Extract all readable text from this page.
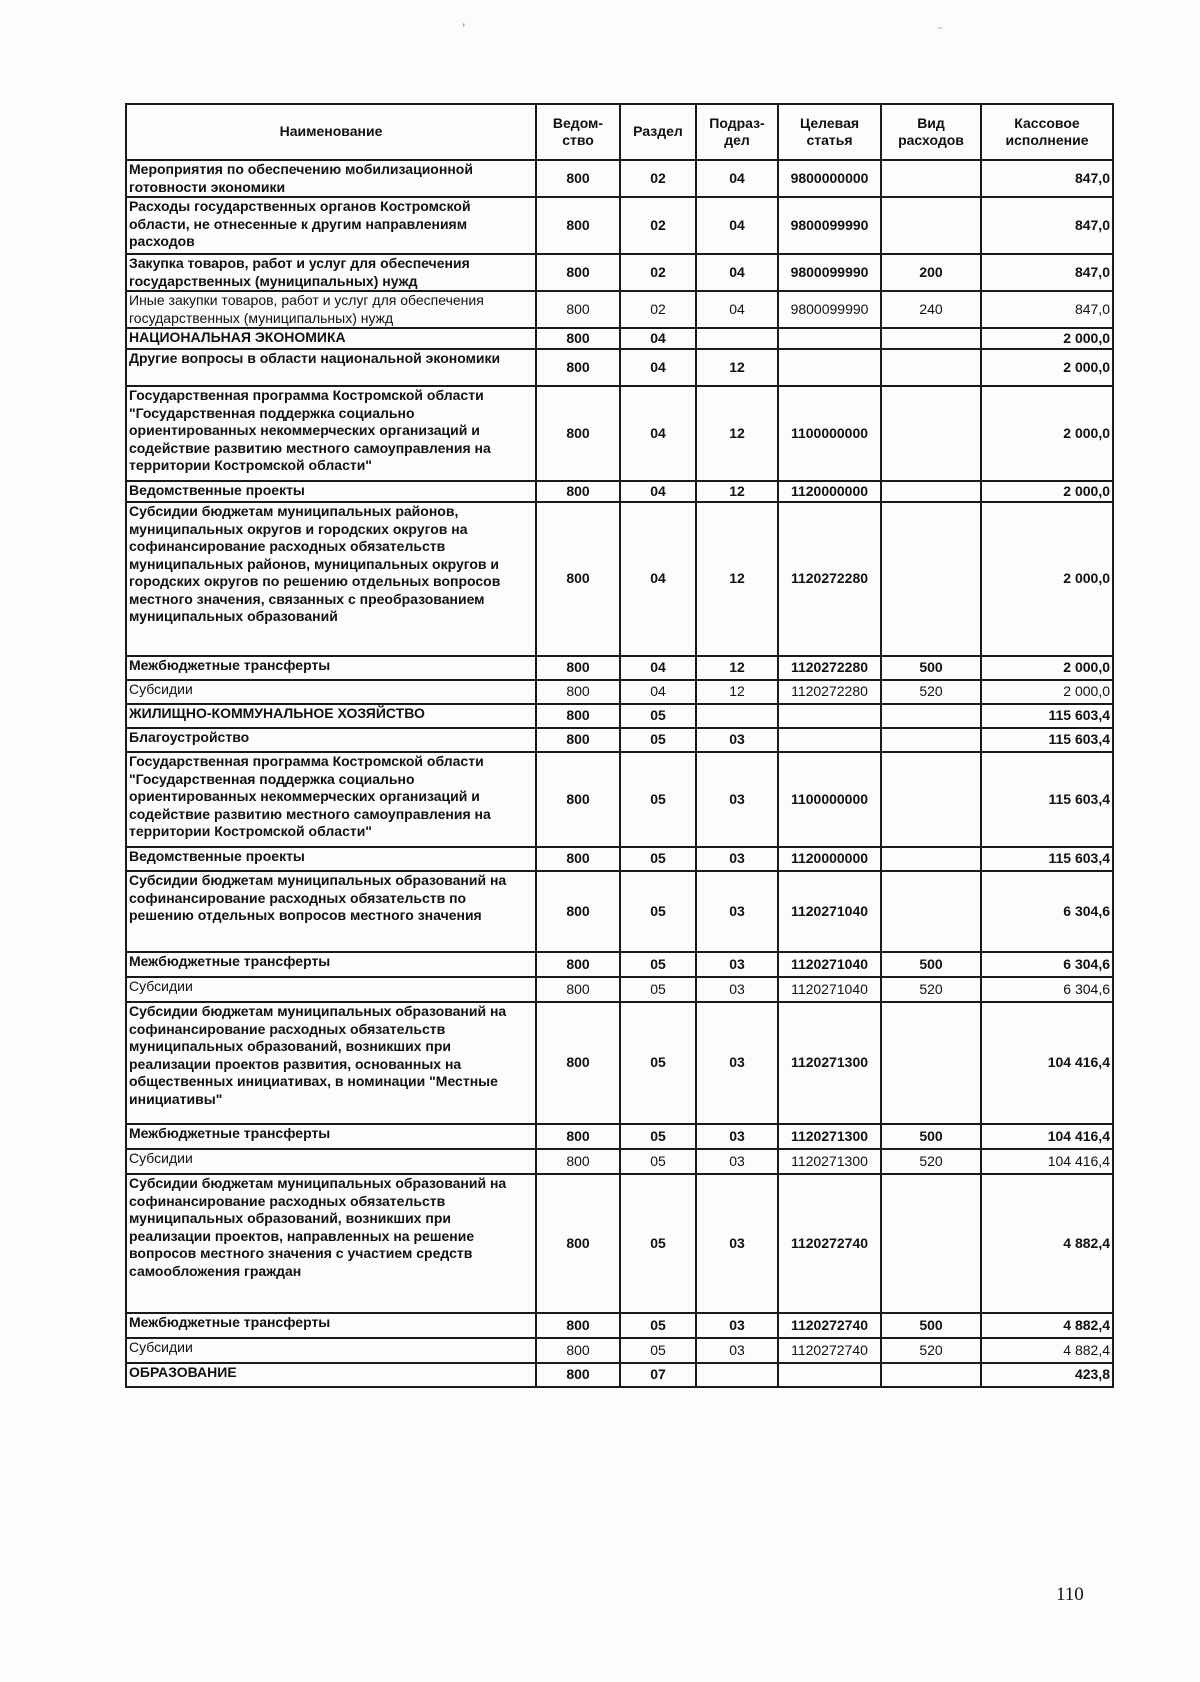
ʼ	⁻
Наименование	Ведом-ство	Раздел	Подраз-дел	Целевая статья	Вид расходов	Кассовое исполнение
Мероприятия по обеспечению мобилизационной готовности экономики	800	02	04	9800000000		847,0
Расходы государственных органов Костромской области, не отнесенные к другим направлениям расходов	800	02	04	9800099990		847,0
Закупка товаров, работ и услуг для обеспечения государственных (муниципальных) нужд	800	02	04	9800099990	200	847,0
Иные закупки товаров, работ и услуг для обеспечения государственных (муниципальных) нужд	800	02	04	9800099990	240	847,0
НАЦИОНАЛЬНАЯ ЭКОНОМИКА	800	04				2 000,0
Другие вопросы в области национальной экономики	800	04	12			2 000,0
Государственная программа Костромской области "Государственная поддержка социально ориентированных некоммерческих организаций и содействие развитию местного самоуправления на территории Костромской области"	800	04	12	1100000000		2 000,0
Ведомственные проекты	800	04	12	1120000000		2 000,0
Субсидии бюджетам муниципальных районов, муниципальных округов и городских округов на софинансирование расходных обязательств муниципальных районов, муниципальных округов и городских округов по решению отдельных вопросов местного значения, связанных с преобразованием муниципальных образований	800	04	12	1120272280		2 000,0
Межбюджетные трансферты	800	04	12	1120272280	500	2 000,0
Субсидии	800	04	12	1120272280	520	2 000,0
ЖИЛИЩНО-КОММУНАЛЬНОЕ ХОЗЯЙСТВО	800	05				115 603,4
Благоустройство	800	05	03			115 603,4
Государственная программа Костромской области "Государственная поддержка социально ориентированных некоммерческих организаций и содействие развитию местного самоуправления на территории Костромской области"	800	05	03	1100000000		115 603,4
Ведомственные проекты	800	05	03	1120000000		115 603,4
Субсидии бюджетам муниципальных образований на софинансирование расходных обязательств по решению отдельных вопросов местного значения	800	05	03	1120271040		6 304,6
Межбюджетные трансферты	800	05	03	1120271040	500	6 304,6
Субсидии	800	05	03	1120271040	520	6 304,6
Субсидии бюджетам муниципальных образований на софинансирование расходных обязательств муниципальных образований, возникших при реализации проектов развития, основанных на общественных инициативах, в номинации "Местные инициативы"	800	05	03	1120271300		104 416,4
Межбюджетные трансферты	800	05	03	1120271300	500	104 416,4
Субсидии	800	05	03	1120271300	520	104 416,4
Субсидии бюджетам муниципальных образований на софинансирование расходных обязательств муниципальных образований, возникших при реализации проектов, направленных на решение вопросов местного значения с участием средств самообложения граждан	800	05	03	1120272740		4 882,4
Межбюджетные трансферты	800	05	03	1120272740	500	4 882,4
Субсидии	800	05	03	1120272740	520	4 882,4
ОБРАЗОВАНИЕ	800	07				423,8
110
